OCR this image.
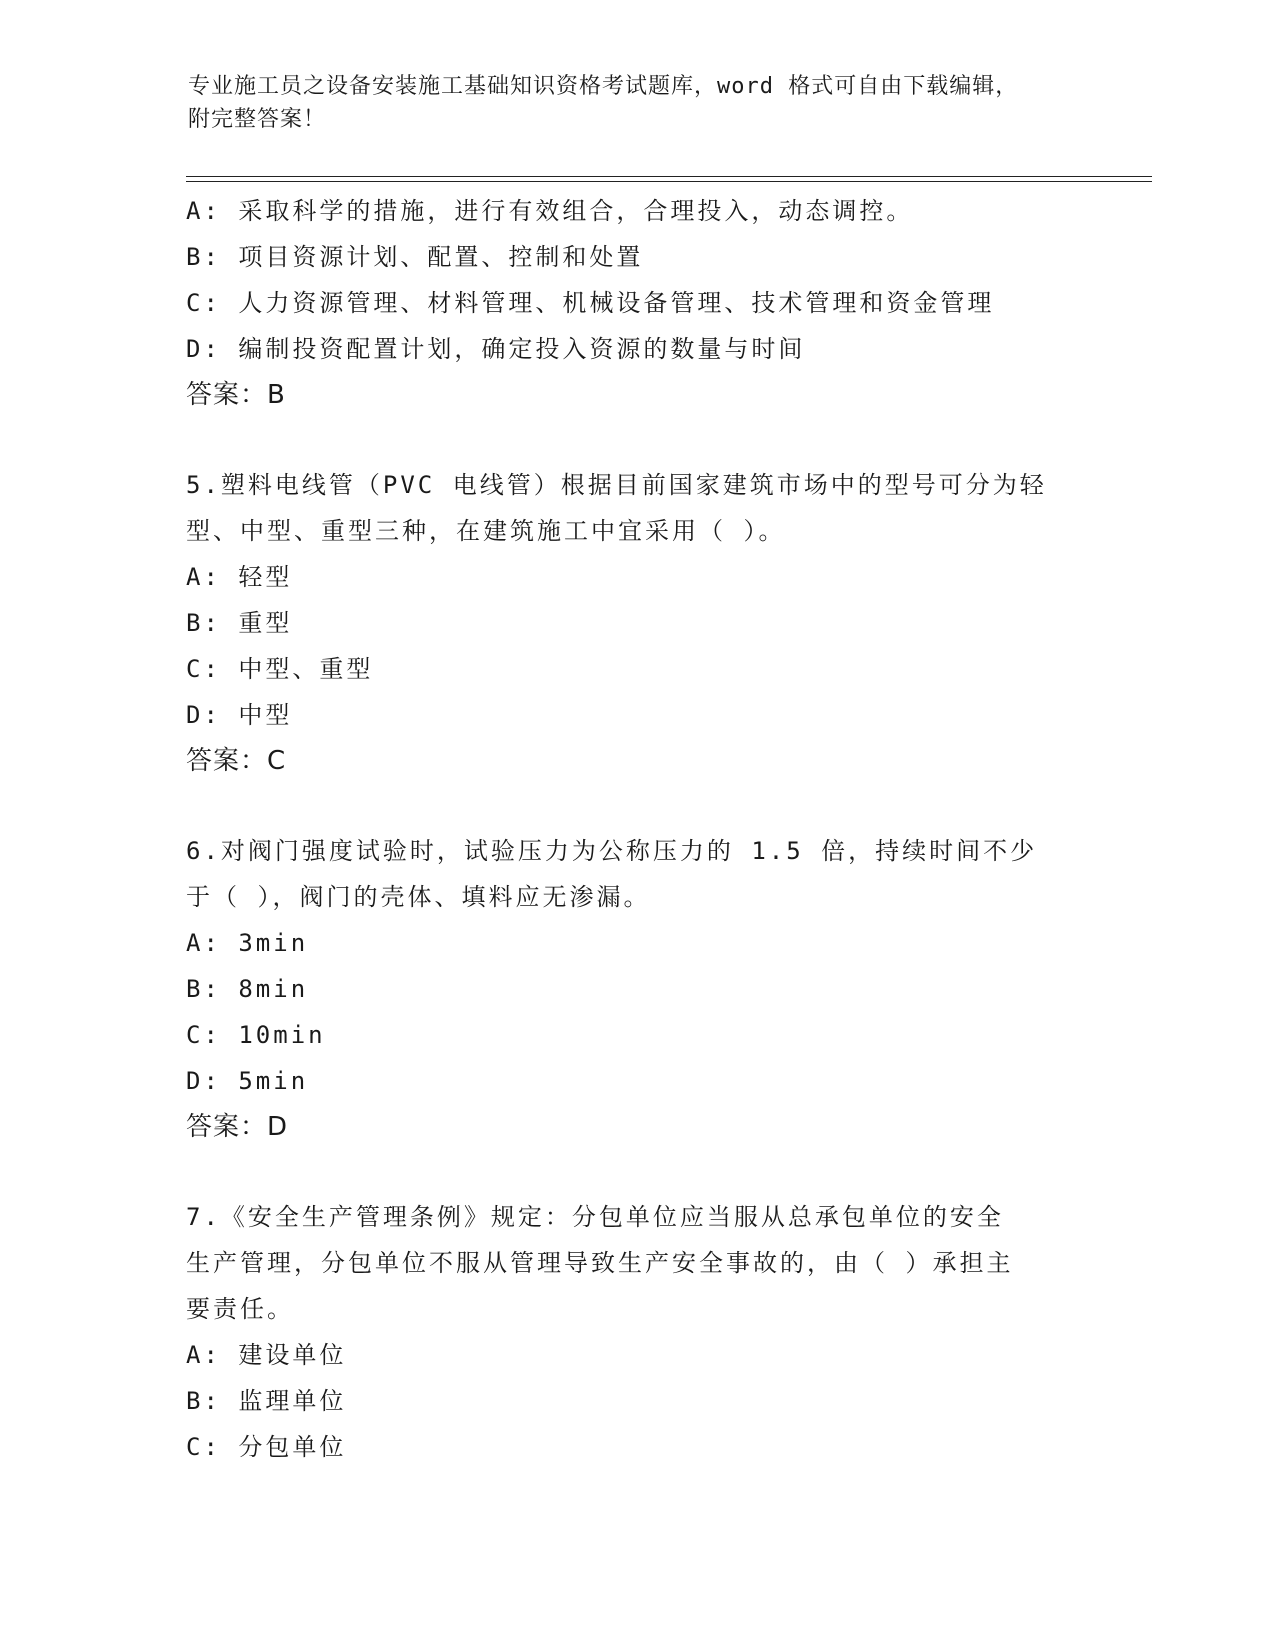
专业施工员之设备安装施工基础知识资格考试题库，word 格式可自由下载编辑，
附完整答案！
A: 采取科学的措施，进行有效组合，合理投入，动态调控。
B: 项目资源计划、配置、控制和处置
C: 人力资源管理、材料管理、机械设备管理、技术管理和资金管理
D: 编制投资配置计划，确定投入资源的数量与时间
答案：B
5.塑料电线管（PVC 电线管）根据目前国家建筑市场中的型号可分为轻
型、中型、重型三种，在建筑施工中宜采用（ ）。
A: 轻型
B: 重型
C: 中型、重型
D: 中型
答案：C
6.对阀门强度试验时，试验压力为公称压力的 1.5 倍，持续时间不少
于（ ），阀门的壳体、填料应无渗漏。
A: 3min
B: 8min
C: 10min
D: 5min
答案：D
7.《安全生产管理条例》规定：分包单位应当服从总承包单位的安全
生产管理，分包单位不服从管理导致生产安全事故的，由（ ）承担主
要责任。
A: 建设单位
B: 监理单位
C: 分包单位
